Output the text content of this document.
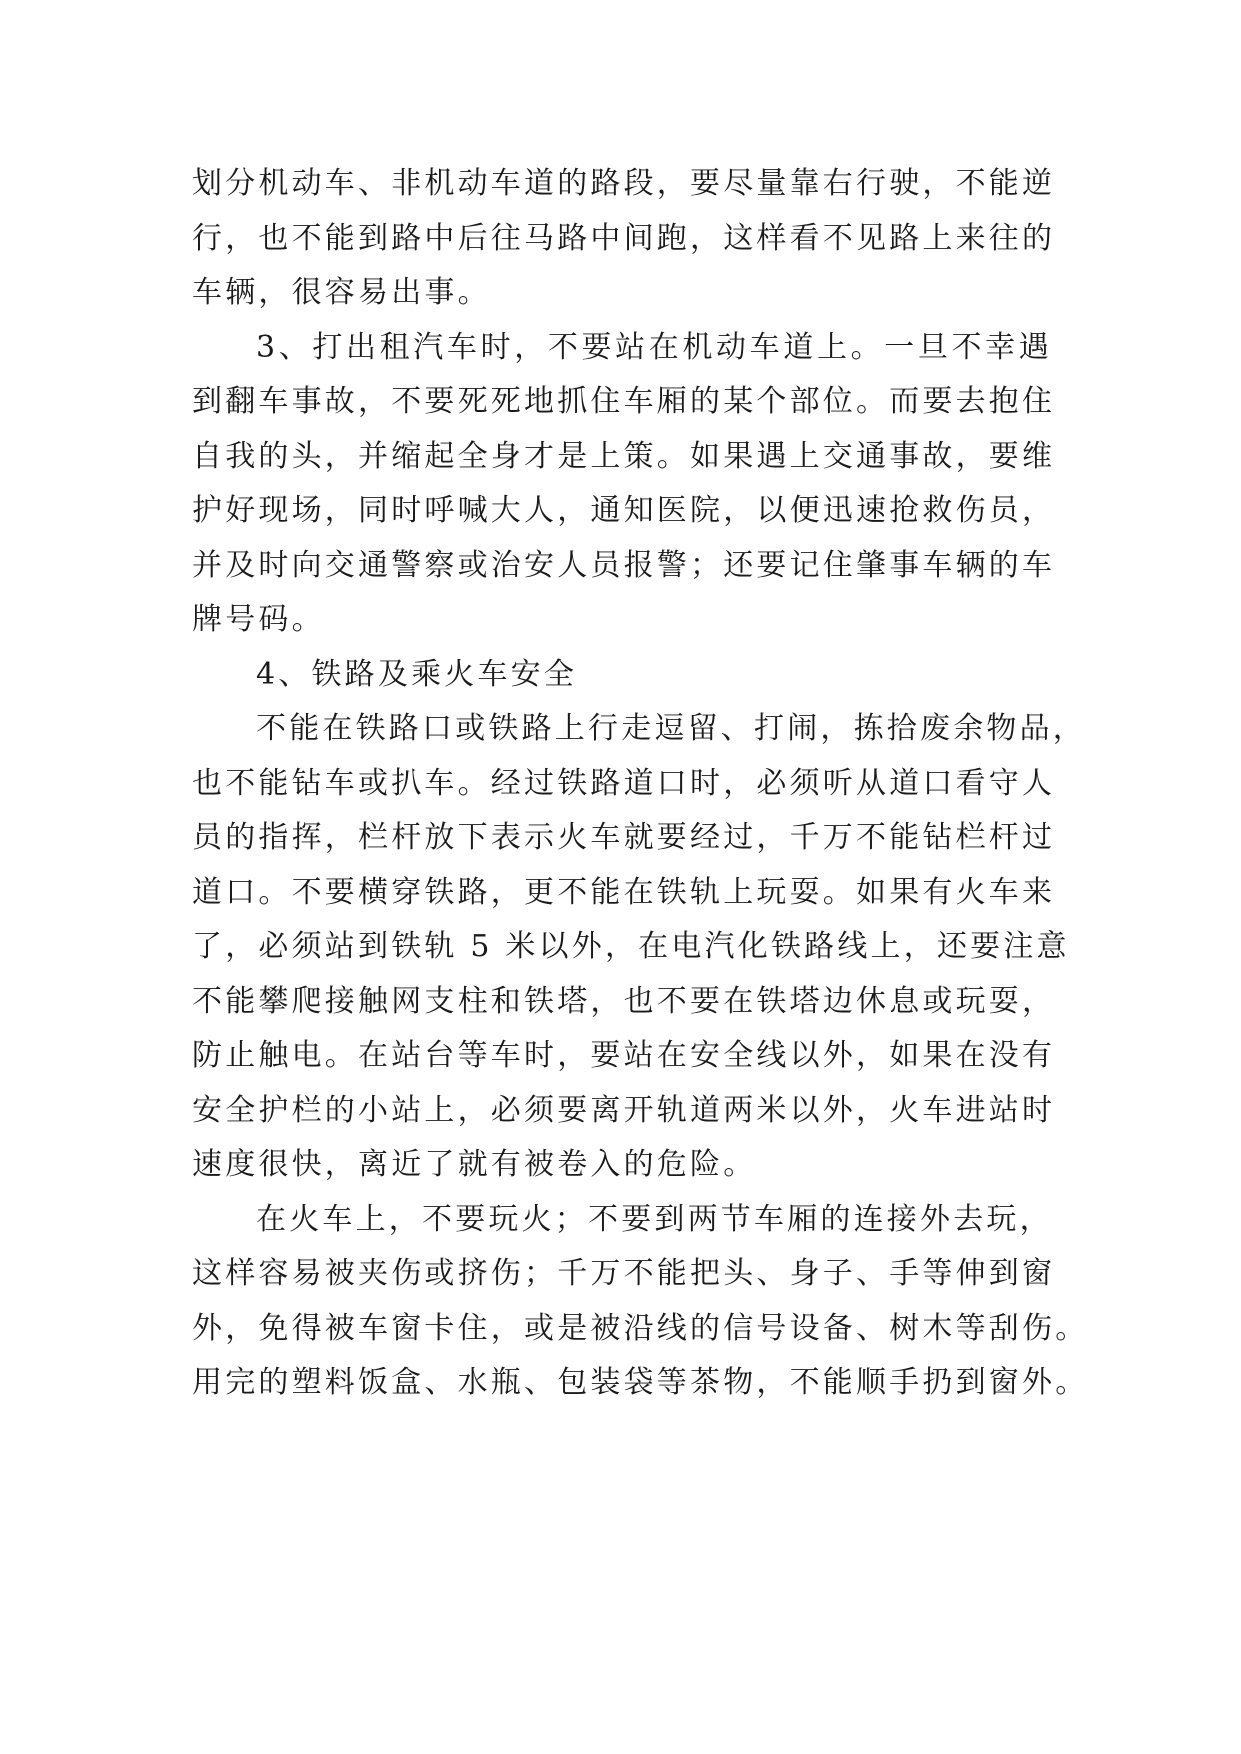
划分机动车、非机动车道的路段，要尽量靠右行驶，不能逆
行，也不能到路中后往马路中间跑，这样看不见路上来往的
车辆，很容易出事。

3、打出租汽车时，不要站在机动车道上。一旦不幸遇
到翻车事故，不要死死地抓住车厢的某个部位。而要去抱住
自我的头，并缩起全身才是上策。如果遇上交通事故，要维
护好现场，同时呼喊大人，通知医院，以便迅速抢救伤员，
并及时向交通警察或治安人员报警；还要记住肇事车辆的车
牌号码。

4、铁路及乘火车安全

不能在铁路口或铁路上行走逗留、打闹，拣拾废余物品，
也不能钻车或扒车。经过铁路道口时，必须听从道口看守人
员的指挥，栏杆放下表示火车就要经过，千万不能钻栏杆过
道口。不要横穿铁路，更不能在铁轨上玩耍。如果有火车来
了，必须站到铁轨 5 米以外，在电汽化铁路线上，还要注意
不能攀爬接触网支柱和铁塔，也不要在铁塔边休息或玩耍，
防止触电。在站台等车时，要站在安全线以外，如果在没有
安全护栏的小站上，必须要离开轨道两米以外，火车进站时
速度很快，离近了就有被卷入的危险。

在火车上，不要玩火；不要到两节车厢的连接外去玩，
这样容易被夹伤或挤伤；千万不能把头、身子、手等伸到窗
外，免得被车窗卡住，或是被沿线的信号设备、树木等刮伤。
用完的塑料饭盒、水瓶、包装袋等茶物，不能顺手扔到窗外。
